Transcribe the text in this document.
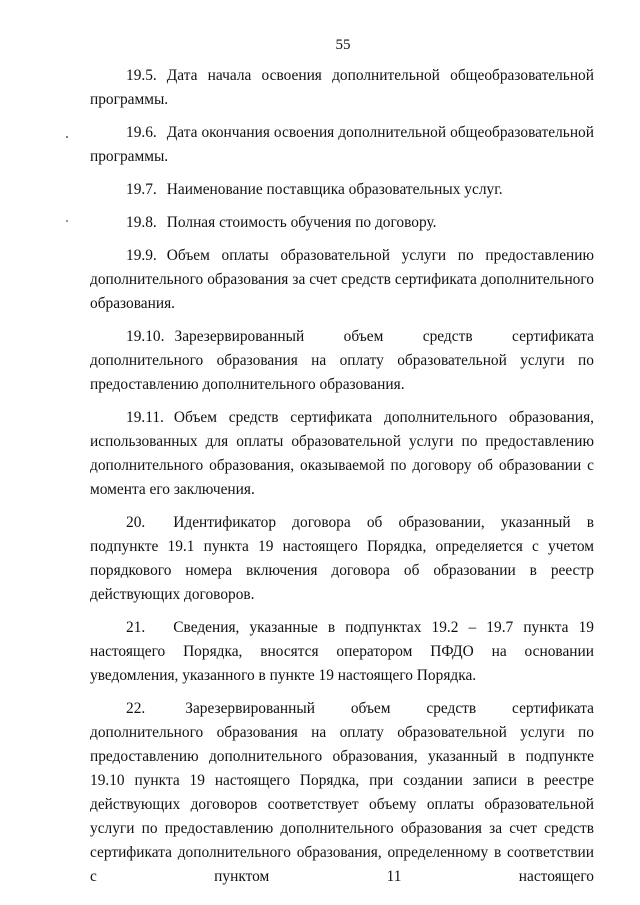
55

19.5. Дата начала освоения дополнительной общеобразовательной программы.

19.6. Дата окончания освоения дополнительной общеобразовательной программы.

19.7. Наименование поставщика образовательных услуг.

19.8. Полная стоимость обучения по договору.

19.9. Объем оплаты образовательной услуги по предоставлению дополнительного образования за счет средств сертификата дополнительного образования.

19.10. Зарезервированный объем средств сертификата дополнительного образования на оплату образовательной услуги по предоставлению дополнительного образования.

19.11. Объем средств сертификата дополнительного образования, использованных для оплаты образовательной услуги по предоставлению дополнительного образования, оказываемой по договору об образовании с момента его заключения.

20. Идентификатор договора об образовании, указанный в подпункте 19.1 пункта 19 настоящего Порядка, определяется с учетом порядкового номера включения договора об образовании в реестр действующих договоров.

21. Сведения, указанные в подпунктах 19.2 – 19.7 пункта 19 настоящего Порядка, вносятся оператором ПФДО на основании уведомления, указанного в пункте 19 настоящего Порядка.

22.	Зарезервированный объем средств сертификата дополнительного образования на оплату образовательной услуги по предоставлению дополнительного образования, указанный в подпункте 19.10 пункта 19 настоящего Порядка, при создании записи в реестре действующих договоров соответствует объему оплаты образовательной услуги по предоставлению дополнительного образования за счет средств сертификата дополнительного образования, определенному в соответствии с пунктом 11 настоящего
